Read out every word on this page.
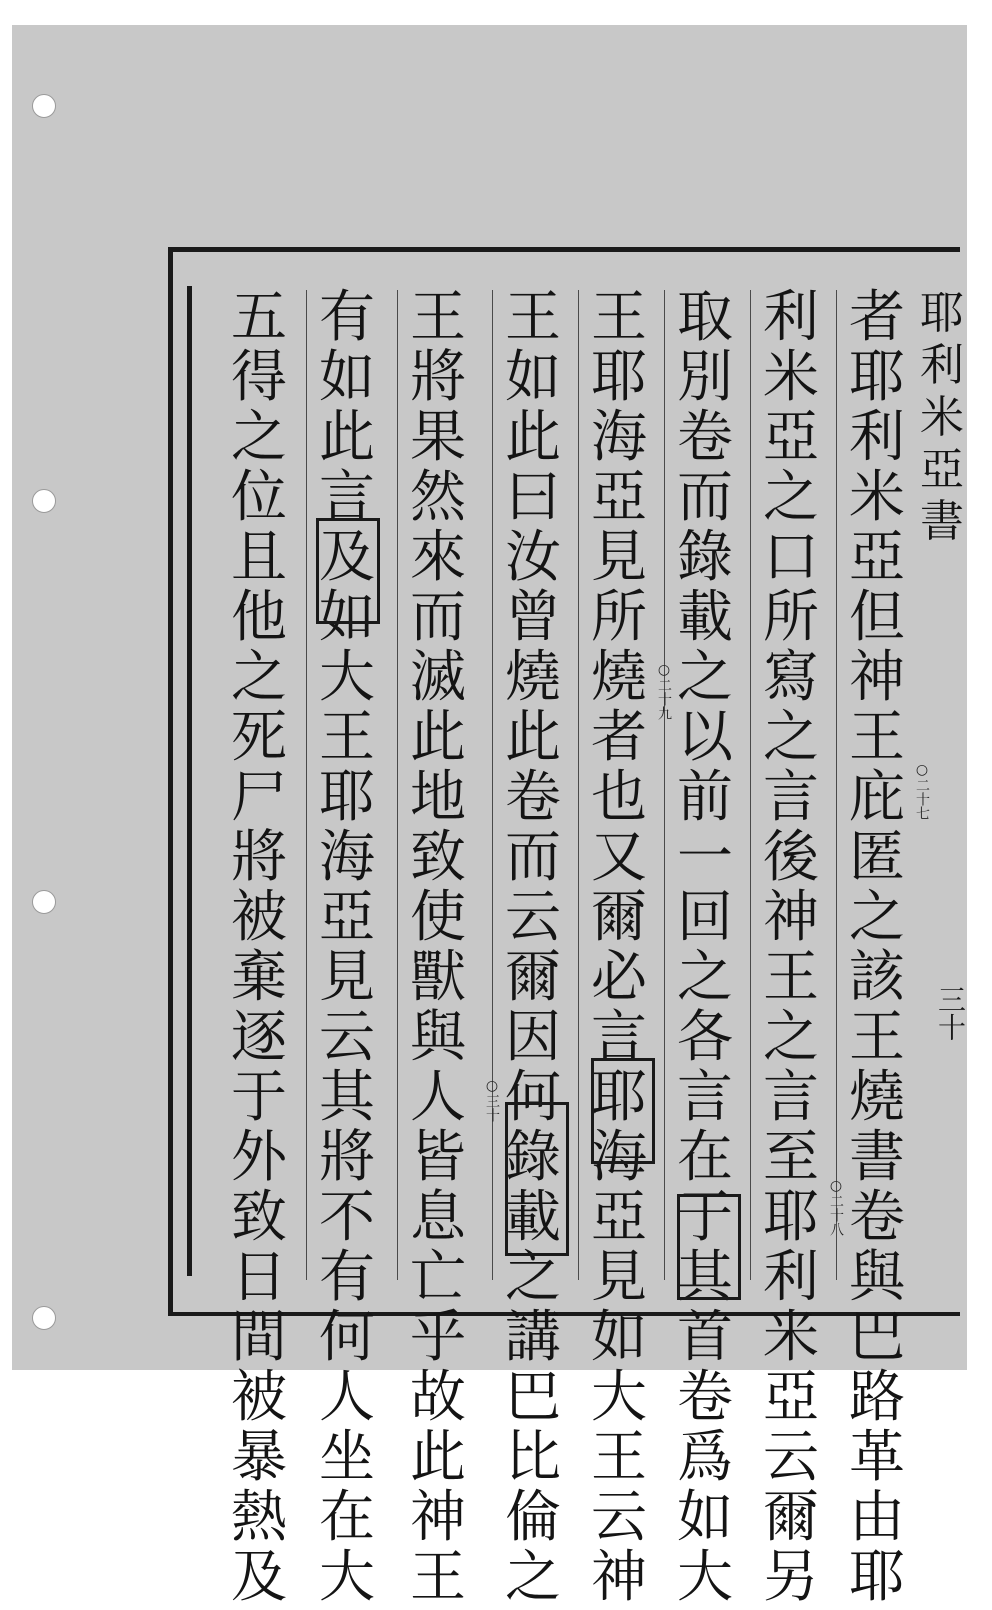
耶
利
米
亞
書
三十
者
耶
利
米
亞
但
神
王
庇
匿
之
該
王
燒
書
卷
與
巴
路
革
由
耶
利
米
亞
之
口
所
寫
之
言
後
神
王
之
言
至
耶
利
米
亞
云
爾
另
取
別
卷
而
錄
載
之
以
前
一
回
之
各
言
在
于
其
首
卷
爲
如
大
王
耶
海
亞
見
所
燒
者
也
又
爾
必
言
耶
海
亞
見
如
大
王
云
神
王
如
此
曰
汝
曾
燒
此
卷
而
云
爾
因
何
錄
載
之
講
巴
比
倫
之
王
將
果
然
來
而
滅
此
地
致
使
獸
與
人
皆
息
亡
乎
故
此
神
王
有
如
此
言
及
如
大
王
耶
海
亞
見
云
其
將
不
有
何
人
坐
在
大
五
得
之
位
且
他
之
死
尸
將
被
棄
逐
于
外
致
日
間
被
暴
熱
及
○二十七
○二十八
○二十九
○三十
